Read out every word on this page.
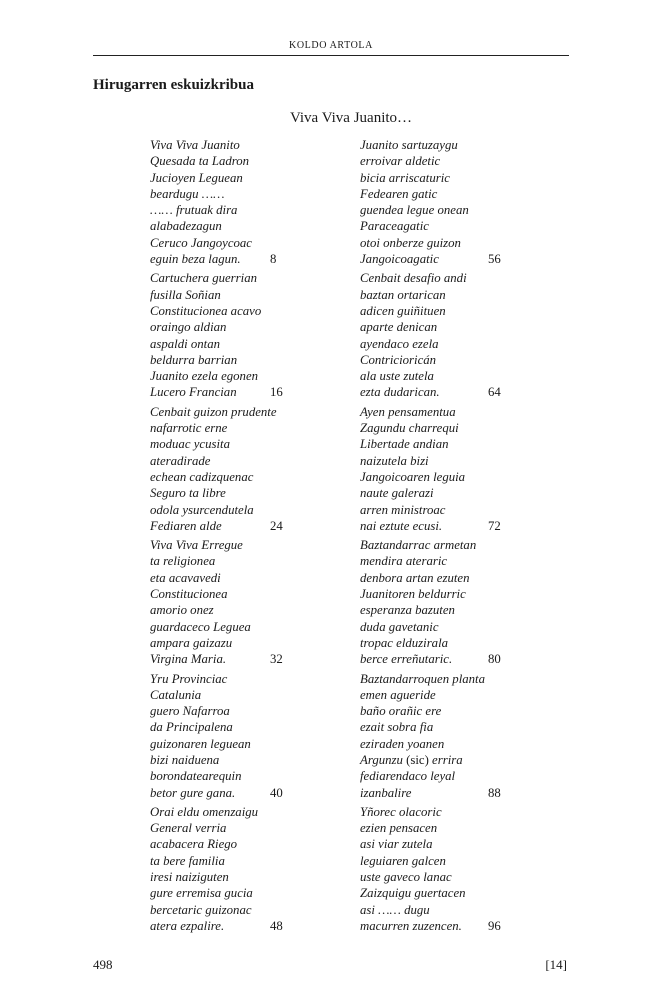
KOLDO ARTOLA
Hirugarren eskuizkribua
Viva Viva Juanito…
Viva Viva Juanito
Quesada ta Ladron
Jucioyen Leguean
beardugu ……
…… frutuak dira
alabadezagun
Ceruco Jangoycoac
eguin beza lagun.	8
Cartuchera guerrian
fusilla Soñian
Constitucionea acavo
oraingo aldian
aspaldi ontan
beldurra barrian
Juanito ezela egonen
Lucero Francian	16
Cenbait guizon prudente
nafarrotic erne
moduac ycusita
ateradirade
echean cadizquenac
Seguro ta libre
odola ysurcendutela
Fediaren alde	24
Viva Viva Erregue
ta religionea
eta acavavedi
Constitucionea
amorio onez
guardaceco Leguea
ampara gaizazu
Virgina Maria.	32
Yru Provinciac
Catalunia
guero Nafarroa
da Principalena
guizonaren leguean
bizi naiduena
borondatearequin
betor gure gana.	40
Orai eldu omenzaigu
General verria
acabacera Riego
ta bere familia
iresi naiziguten
gure erremisa gucia
bercetaric guizonac
atera ezpalire.	48
Juanito sartuzaygu
erroivar aldetic
bicia arriscaturic
Fedearen gatic
guendea legue onean
Paraceagatic
otoi onberze guizon
Jangoicoagatic	56
Cenbait desafio andi
baztan ortarican
adicen guiñituen
aparte denican
ayendaco ezela
Contricioricán
ala uste zutela
ezta dudarican.	64
Ayen pensamentua
Zagundu charrequi
Libertade andian
naizutela bizi
Jangoicoaren leguia
naute galerazi
arren ministroac
nai eztute ecusi.	72
Baztandarrac armetan
mendira ateraric
denbora artan ezuten
Juanitoren beldurric
esperanza bazuten
duda gavetanic
tropac elduzirala
berce erreñutaric.	80
Baztandarroquen planta
emen agueride
baño orañic ere
ezait sobra fia
eziraden yoanen
Argunzu (sic) errira
fediarendaco leyal
izanbalire	88
Yñorec olacoric
ezien pensacen
asi viar zutela
leguiaren galcen
uste gaveco lanac
Zaizquigu guertacen
asi …… dugu
macurren zuzencen.	96
498	[14]
